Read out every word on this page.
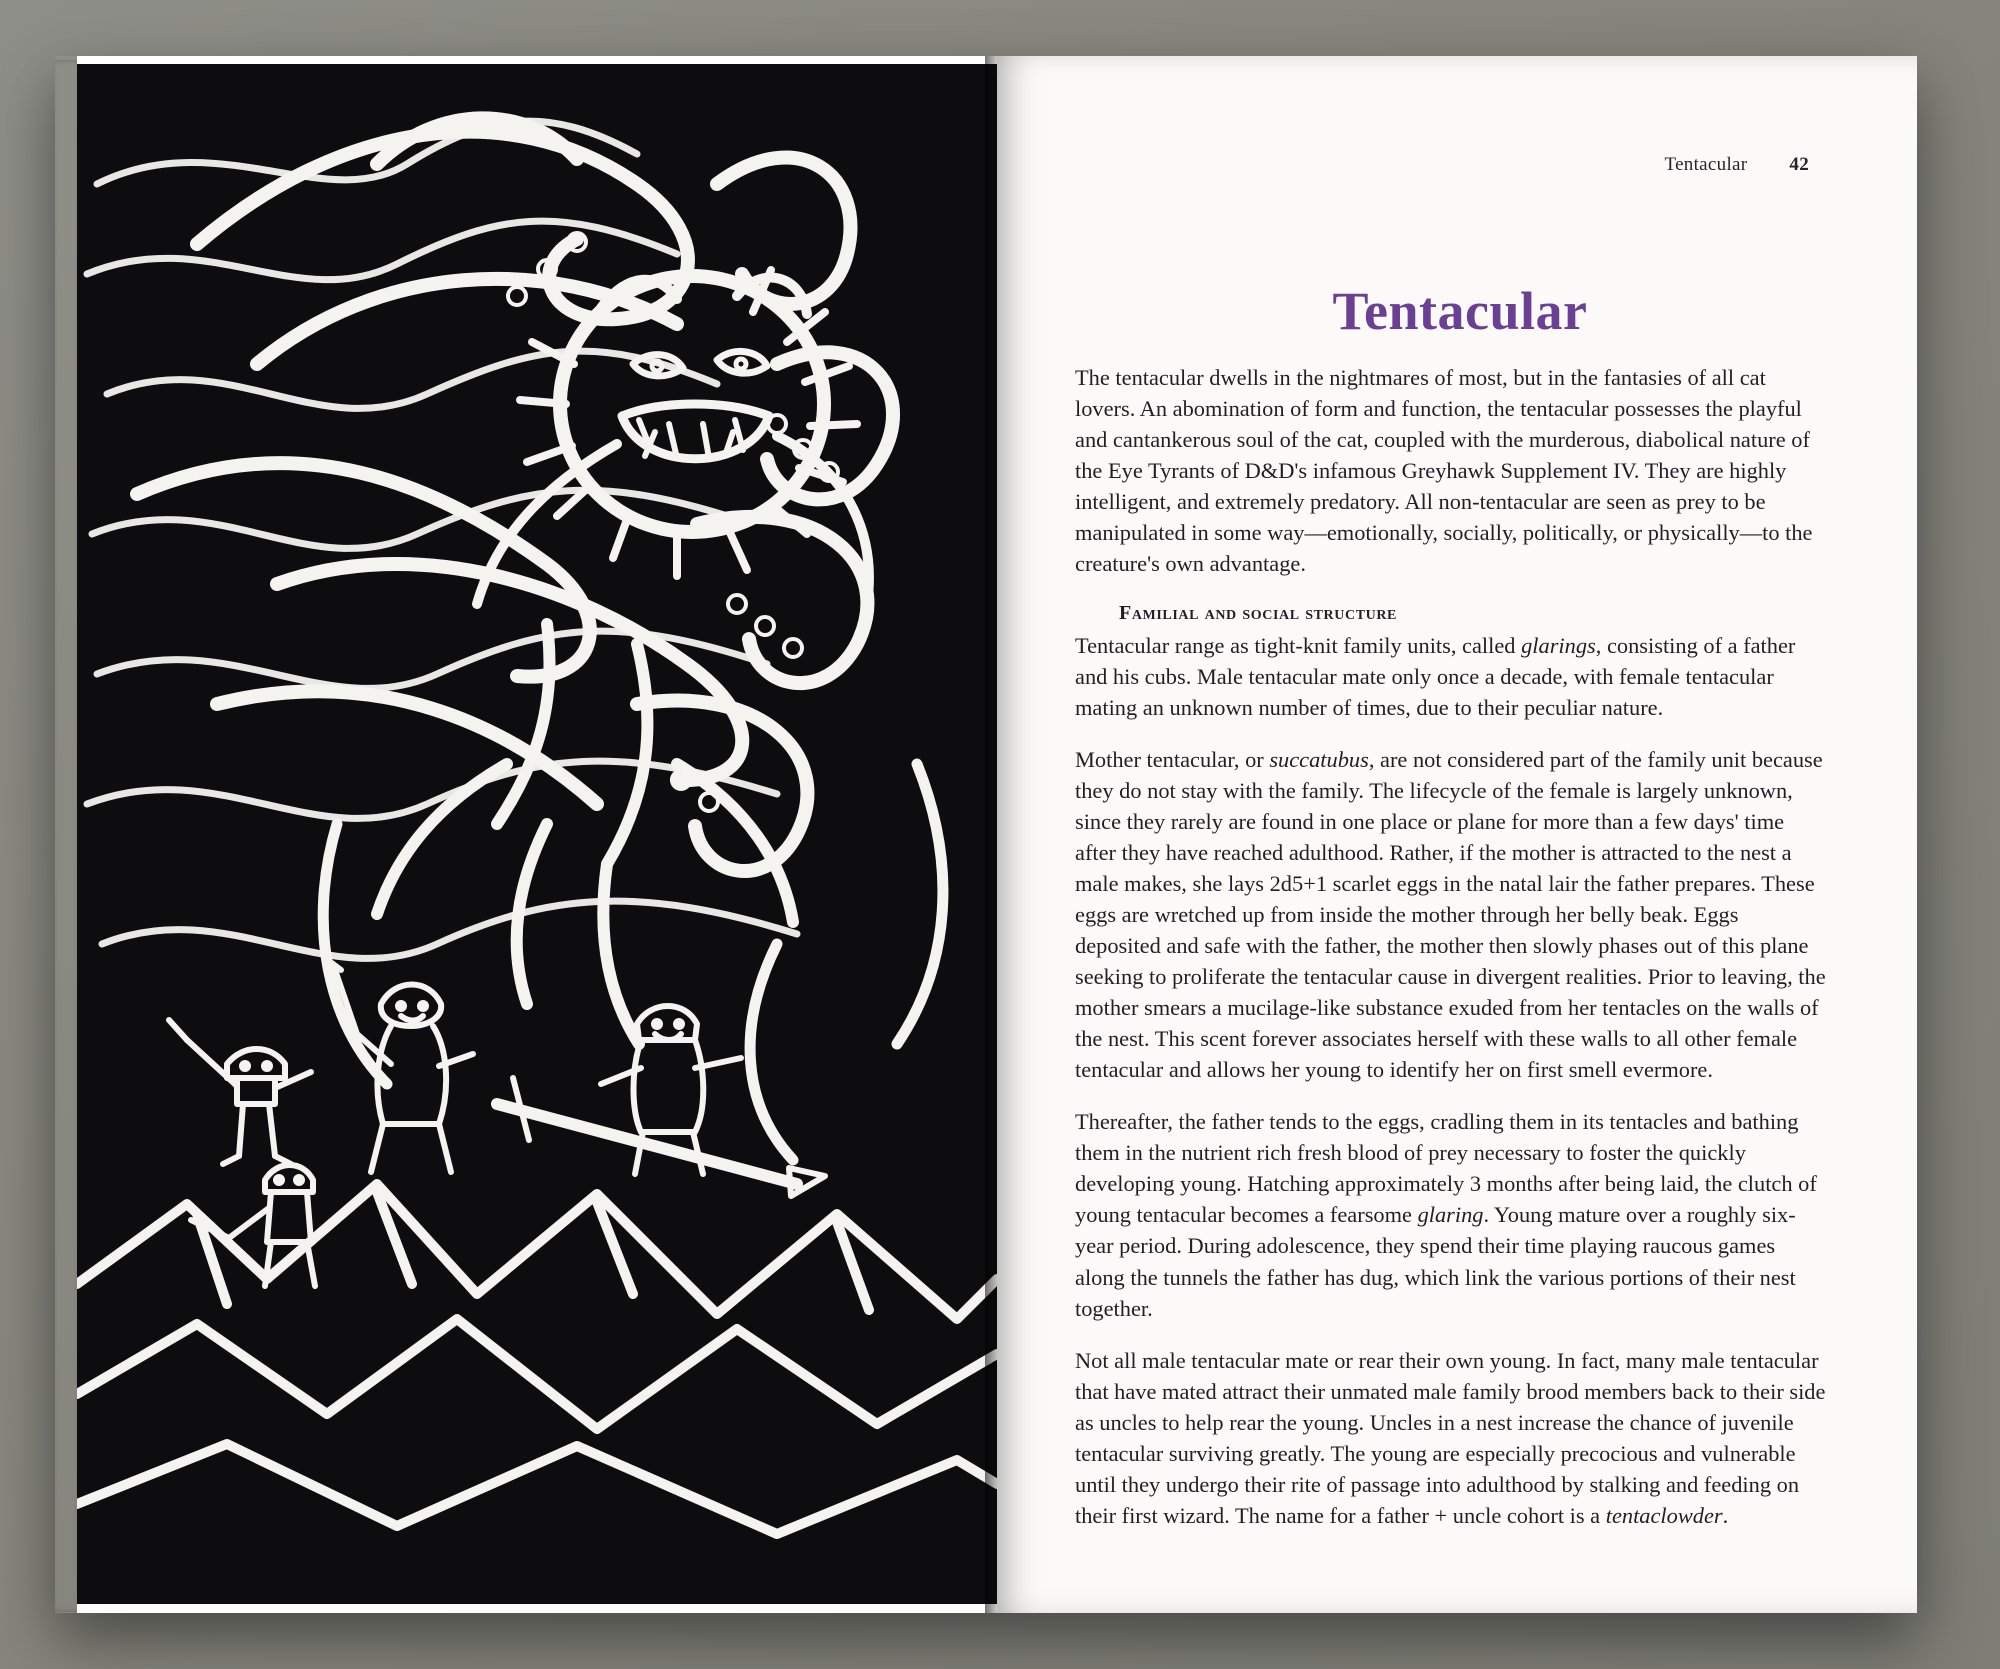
Tentacular 42
Tentacular

The tentacular dwells in the nightmares of most, but in the fantasies of all cat lovers. An abomination of form and function, the tentacular possesses the playful and cantankerous soul of the cat, coupled with the murderous, diabolical nature of the Eye Tyrants of D&D's infamous Greyhawk Supplement IV. They are highly intelligent, and extremely predatory. All non-tentacular are seen as prey to be manipulated in some way—emotionally, socially, politically, or physically—to the creature's own advantage.

Familial and social structure

Tentacular range as tight-knit family units, called glarings, consisting of a father and his cubs. Male tentacular mate only once a decade, with female tentacular mating an unknown number of times, due to their peculiar nature.

Mother tentacular, or succatubus, are not considered part of the family unit because they do not stay with the family. The lifecycle of the female is largely unknown, since they rarely are found in one place or plane for more than a few days' time after they have reached adulthood. Rather, if the mother is attracted to the nest a male makes, she lays 2d5+1 scarlet eggs in the natal lair the father prepares. These eggs are wretched up from inside the mother through her belly beak. Eggs deposited and safe with the father, the mother then slowly phases out of this plane seeking to proliferate the tentacular cause in divergent realities. Prior to leaving, the mother smears a mucilage-like substance exuded from her tentacles on the walls of the nest. This scent forever associates herself with these walls to all other female tentacular and allows her young to identify her on first smell evermore.

Thereafter, the father tends to the eggs, cradling them in its tentacles and bathing them in the nutrient rich fresh blood of prey necessary to foster the quickly developing young. Hatching approximately 3 months after being laid, the clutch of young tentacular becomes a fearsome glaring. Young mature over a roughly six-year period. During adolescence, they spend their time playing raucous games along the tunnels the father has dug, which link the various portions of their nest together.

Not all male tentacular mate or rear their own young. In fact, many male tentacular that have mated attract their unmated male family brood members back to their side as uncles to help rear the young. Uncles in a nest increase the chance of juvenile tentacular surviving greatly. The young are especially precocious and vulnerable until they undergo their rite of passage into adulthood by stalking and feeding on their first wizard. The name for a father + uncle cohort is a tentaclowder.
